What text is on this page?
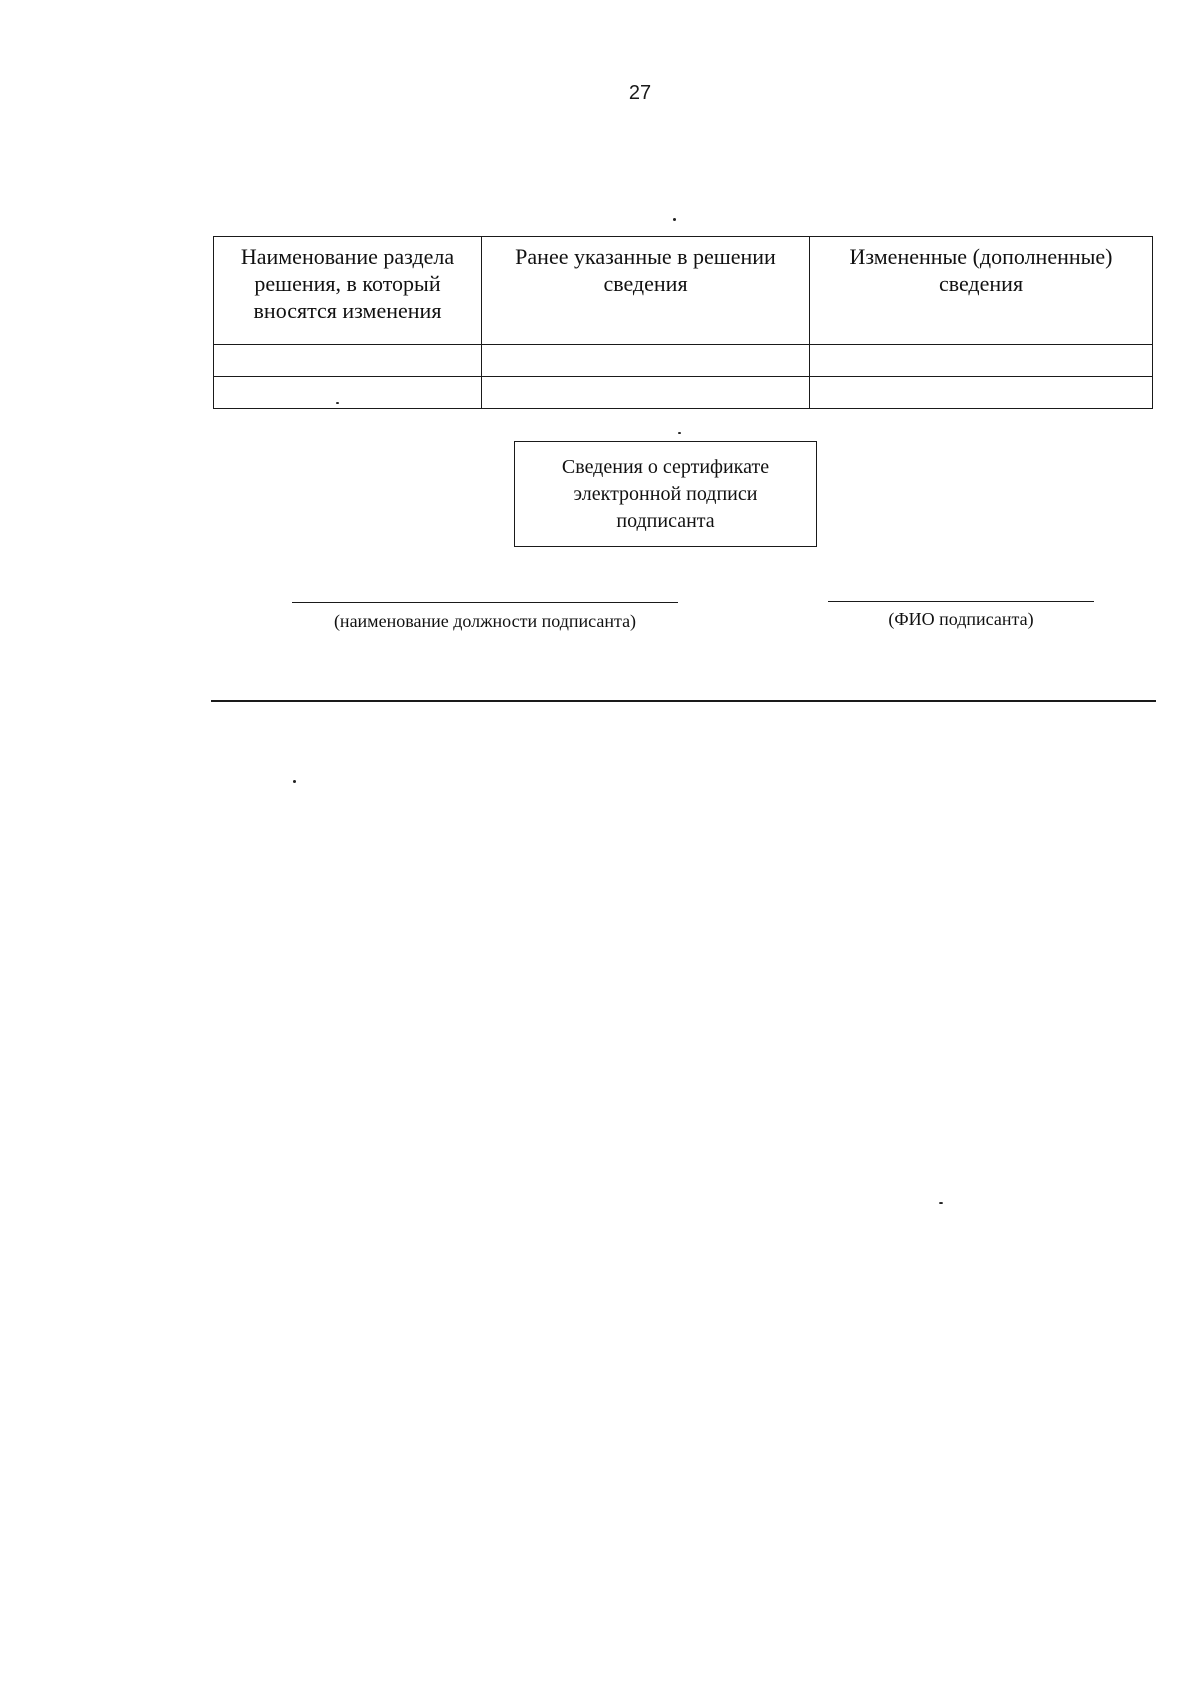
27
Наименование раздела решения, в который вносятся изменения	Ранее указанные в решении сведения	Измененные (дополненные) сведения

Сведения о сертификате электронной подписи подписанта
(наименование должности подписанта)	(ФИО подписанта)
